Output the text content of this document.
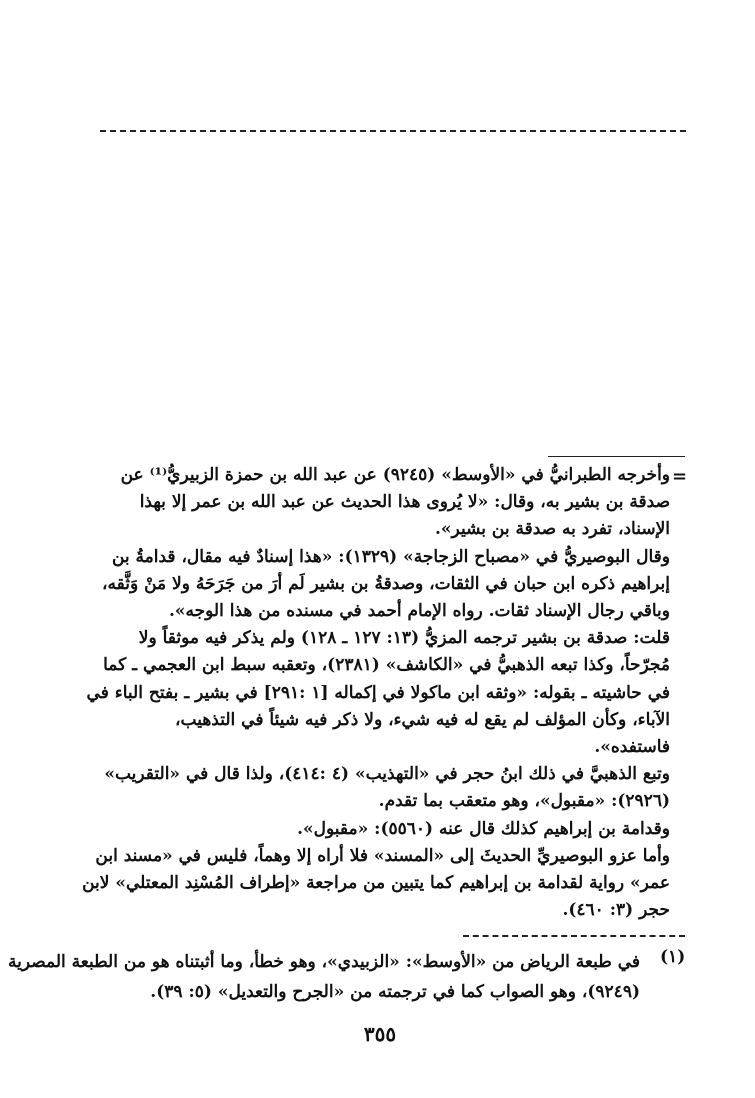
=
وأخرجه الطبرانيُّ في «الأوسط» (٩٢٤٥) عن عبد الله بن حمزة الزبيريُّ⁽¹⁾ عن
صدقة بن بشير به، وقال: «لا يُروى هذا الحديث عن عبد الله بن عمر إلا بهذا
الإسناد، تفرد به صدقة بن بشير».
وقال البوصيريُّ في «مصباح الزجاجة» (١٣٢٩): «هذا إسنادٌ فيه مقال، قدامةُ بن
إبراهيم ذكره ابن حبان في الثقات، وصدقةُ بن بشير لَم أرَ من جَرَحَهُ ولا مَنْ وَثَّقه،
وباقي رجال الإسناد ثقات. رواه الإمام أحمد في مسنده من هذا الوجه».
قلت: صدقة بن بشير ترجمه المزيُّ (١٣: ١٢٧ ـ ١٢٨) ولم يذكر فيه موثقاً ولا
مُجرّحاً، وكذا تبعه الذهبيُّ في «الكاشف» (٢٣٨١)، وتعقبه سبط ابن العجمي ـ كما
في حاشيته ـ بقوله: «وثقه ابن ماكولا في إكماله [١ :٢٩١] في بشير ـ بفتح الباء في
الآباء، وكأن المؤلف لم يقع له فيه شيء، ولا ذكر فيه شيئاً في التذهيب،
فاستفده».
وتبع الذهبيَّ في ذلك ابنُ حجر في «التهذيب» (٤ :٤١٤)، ولذا قال في «التقريب»
(٢٩٢٦): «مقبول»، وهو متعقب بما تقدم.
وقدامة بن إبراهيم كذلك قال عنه (٥٥٦٠): «مقبول».
وأما عزو البوصيريِّ الحديثَ إلى «المسند» فلا أراه إلا وهماً، فليس في «مسند ابن
عمر» رواية لقدامة بن إبراهيم كما يتبين من مراجعة «إطراف المُسْنِد المعتلي» لابن
حجر (٣: ٤٦٠).
(١)
في طبعة الرياض من «الأوسط»: «الزبيدي»، وهو خطأ، وما أثبتناه هو من الطبعة المصرية
(٩٢٤٩)، وهو الصواب كما في ترجمته من «الجرح والتعديل» (٥: ٣٩).
٣٥٥
